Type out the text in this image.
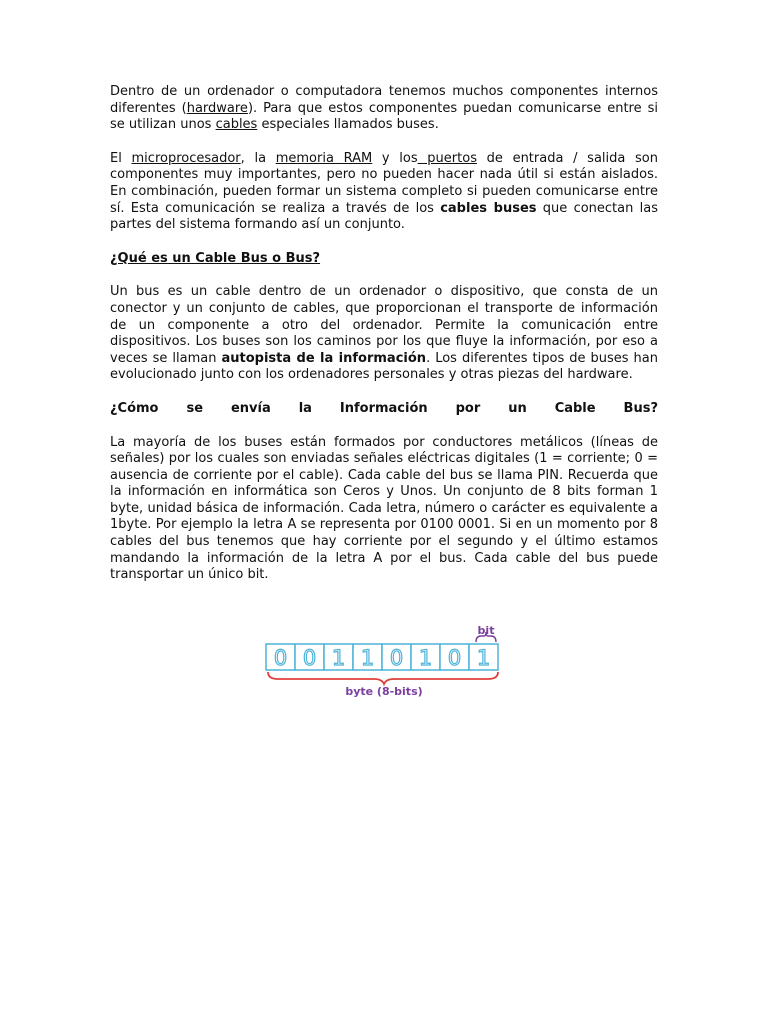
Dentro de un ordenador o computadora tenemos muchos componentes internos diferentes (hardware). Para que estos componentes puedan comunicarse entre si se utilizan unos cables especiales llamados buses.

El microprocesador, la memoria RAM y los puertos de entrada / salida son componentes muy importantes, pero no pueden hacer nada útil si están aislados. En combinación, pueden formar un sistema completo si pueden comunicarse entre sí. Esta comunicación se realiza a través de los cables buses que conectan las partes del sistema formando así un conjunto.

¿Qué es un Cable Bus o Bus?

Un bus es un cable dentro de un ordenador o dispositivo, que consta de un conector y un conjunto de cables, que proporcionan el transporte de información de un componente a otro del ordenador. Permite la comunicación entre dispositivos. Los buses son los caminos por los que fluye la información, por eso a veces se llaman autopista de la información. Los diferentes tipos de buses han evolucionado junto con los ordenadores personales y otras piezas del hardware.

¿Cómo se envía la Información por un Cable Bus?

La mayoría de los buses están formados por conductores metálicos (líneas de señales) por los cuales son enviadas señales eléctricas digitales (1 = corriente; 0 = ausencia de corriente por el cable). Cada cable del bus se llama PIN. Recuerda que la información en informática son Ceros y Unos. Un conjunto de 8 bits forman 1 byte, unidad básica de información. Cada letra, número o carácter es equivalente a 1byte. Por ejemplo la letra A se representa por 0100 0001. Si en un momento por 8 cables del bus tenemos que hay corriente por el segundo y el último estamos mandando la información de la letra A por el bus. Cada cable del bus puede transportar un único bit.

0 0 1 1 0 1 0 1
bit
byte (8-bits)
